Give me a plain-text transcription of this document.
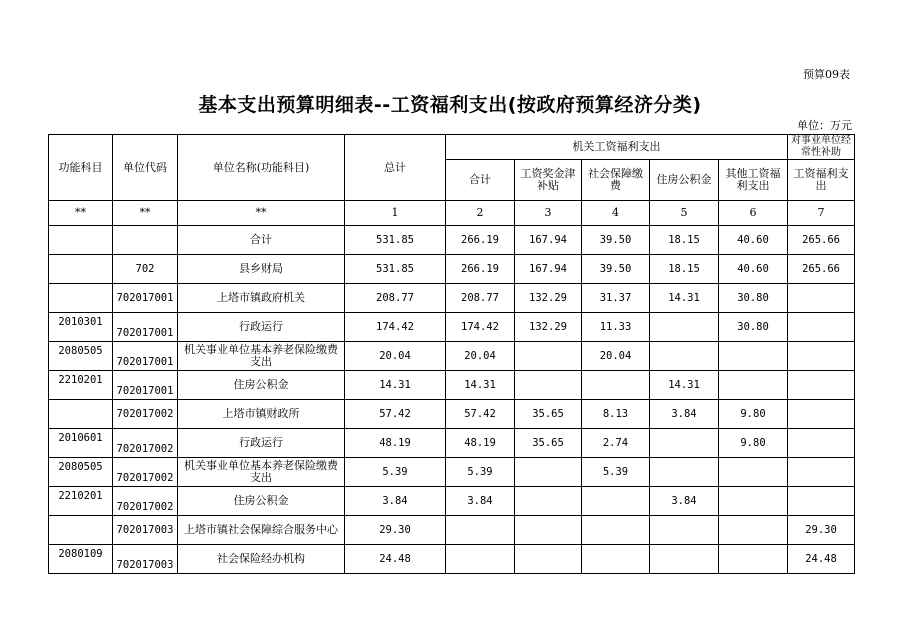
预算09表
基本支出预算明细表--工资福利支出(按政府预算经济分类)
单位：万元
功能科目	单位代码	单位名称(功能科目)	总计	机关工资福利支出					对事业单位经常性补助
				合计	工资奖金津补贴	社会保障缴费	住房公积金	其他工资福利支出	工资福利支出
**	**	**	1	2	3	4	5	6	7
		合计	531.85	266.19	167.94	39.50	18.15	40.60	265.66
	702	县乡财局	531.85	266.19	167.94	39.50	18.15	40.60	265.66
	702017001	上塔市镇政府机关	208.77	208.77	132.29	31.37	14.31	30.80	
2010301	702017001	行政运行	174.42	174.42	132.29	11.33		30.80	
2080505	702017001	机关事业单位基本养老保险缴费支出	20.04	20.04		20.04			
2210201	702017001	住房公积金	14.31	14.31			14.31		
	702017002	上塔市镇财政所	57.42	57.42	35.65	8.13	3.84	9.80	
2010601	702017002	行政运行	48.19	48.19	35.65	2.74		9.80	
2080505	702017002	机关事业单位基本养老保险缴费支出	5.39	5.39		5.39			
2210201	702017002	住房公积金	3.84	3.84			3.84		
	702017003	上塔市镇社会保障综合服务中心	29.30						29.30
2080109	702017003	社会保险经办机构	24.48						24.48
